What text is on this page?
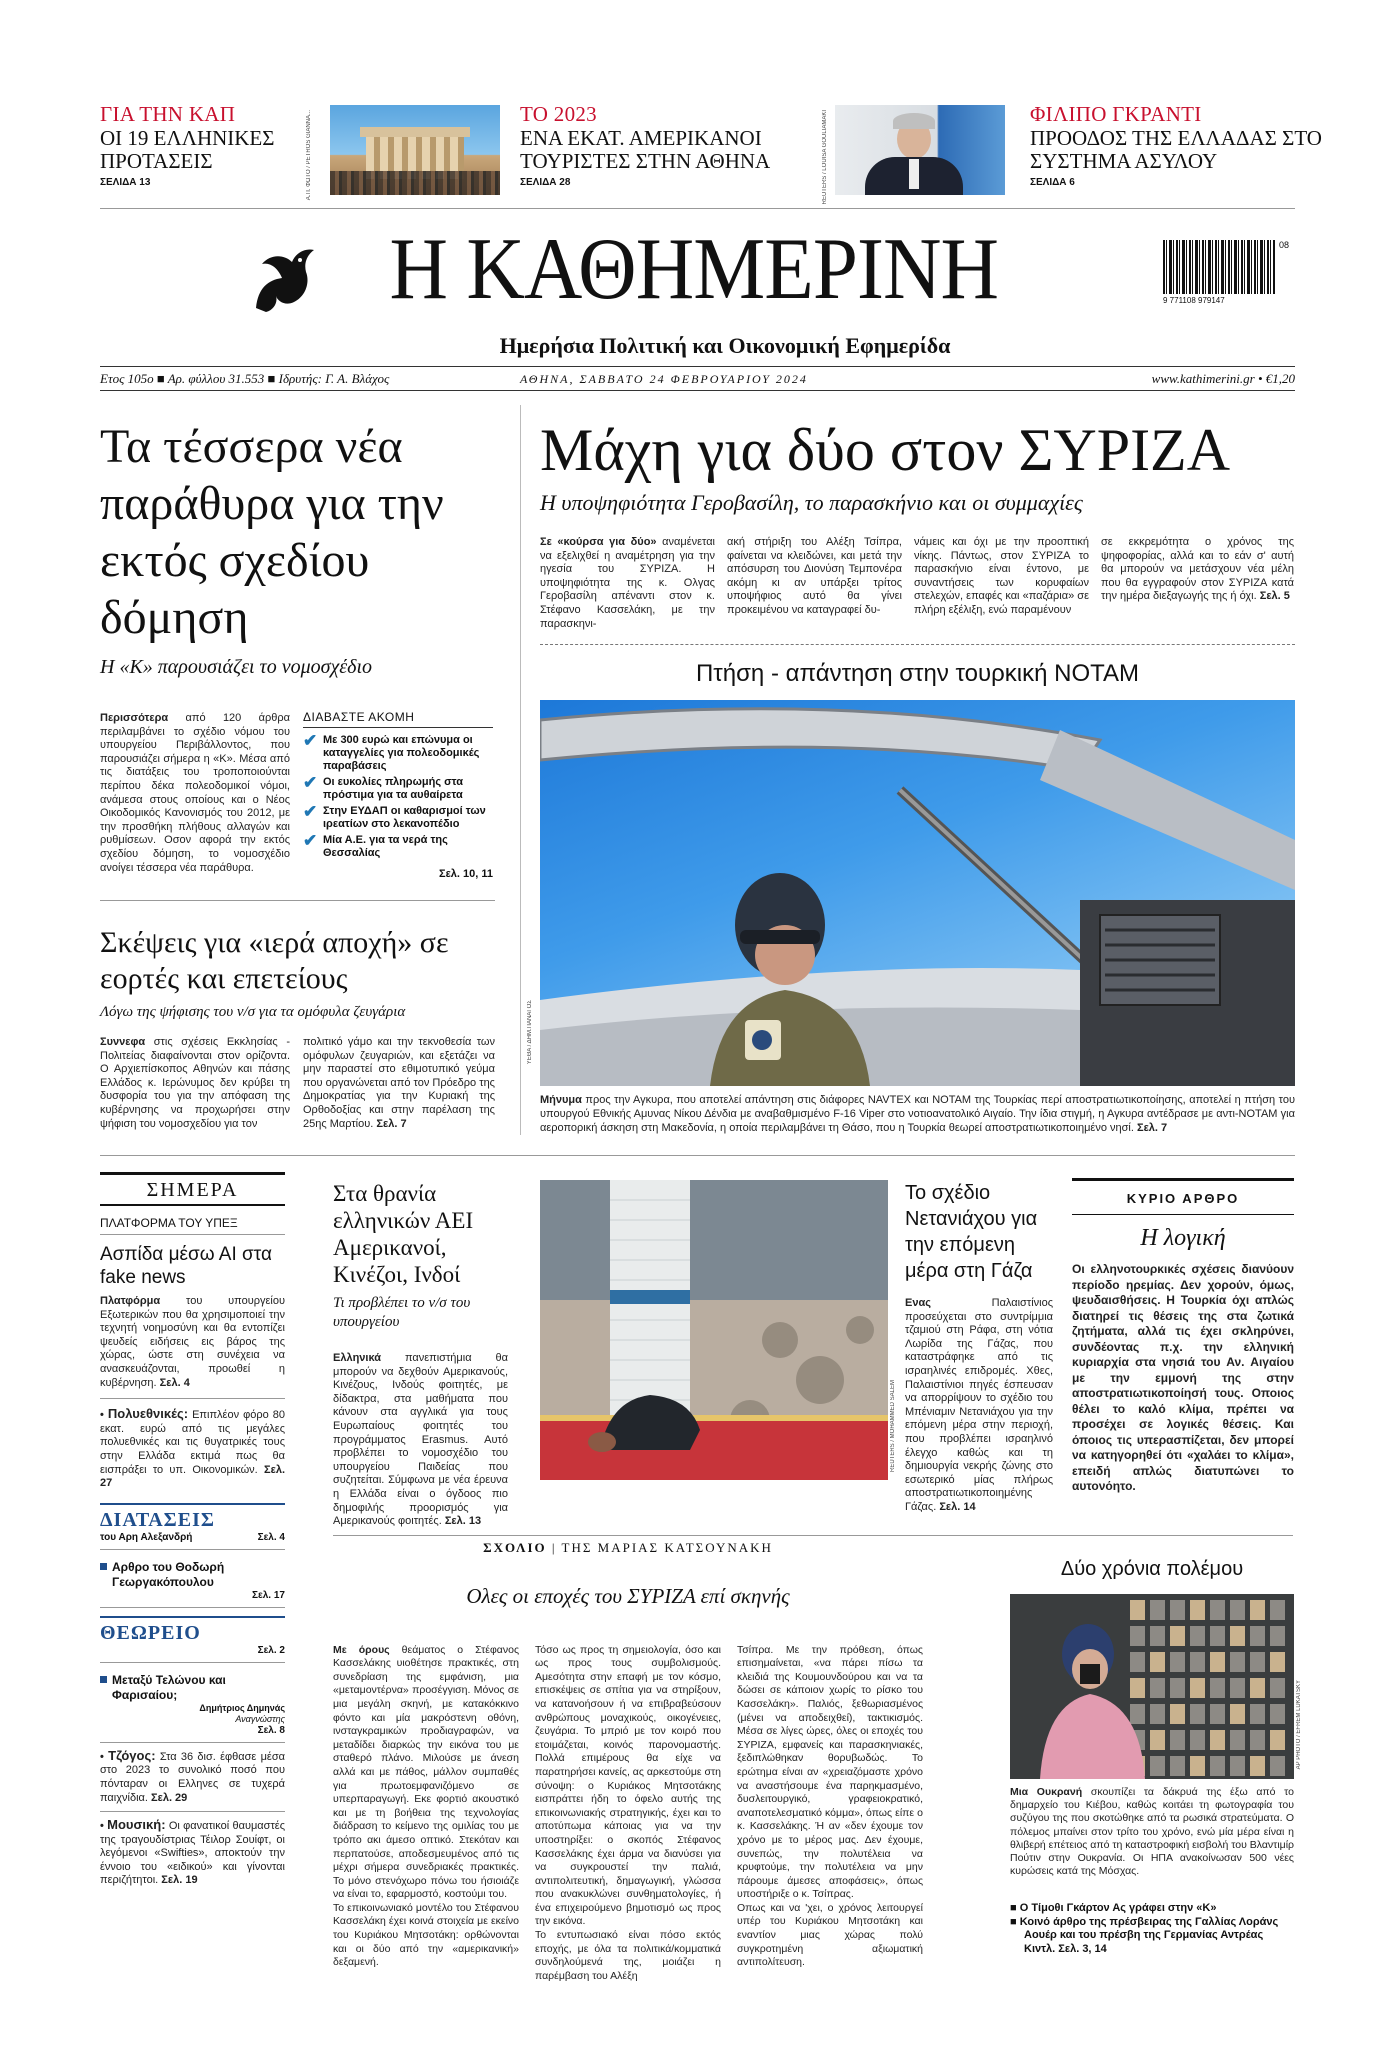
ΓΙΑ ΤΗΝ ΚΑΠ
ΟΙ 19 ΕΛΛΗΝΙΚΕΣ ΠΡΟΤΑΣΕΙΣ
ΣΕΛΙΔΑ 13	Α.Π. ΦΩΤΟ / PETROS GIANNA...	ΤΟ 2023
ΕΝΑ ΕΚΑΤ. ΑΜΕΡΙΚΑΝΟΙ ΤΟΥΡΙΣΤΕΣ ΣΤΗΝ ΑΘΗΝΑ
ΣΕΛΙΔΑ 28	REUTERS / LOUISA GOULIAMAKI	ΦΙΛΙΠΟ ΓΚΡΑΝΤΙ
ΠΡΟΟΔΟΣ ΤΗΣ ΕΛΛΑΔΑΣ ΣΤΟ ΣΥΣΤΗΜΑ ΑΣΥΛΟΥ
ΣΕΛΙΔΑ 6
Η ΚΑΘΗΜΕΡΙΝΗ	9 771108 979147
08
Ημερήσια Πολιτική και Οικονομική Εφημερίδα
Ετος 105ο ■ Αρ. φύλλου 31.553 ■ Ιδρυτής: Γ. Α. Βλάχος	ΑΘΗΝΑ, ΣΑΒΒΑΤΟ 24 ΦΕΒΡΟΥΑΡΙΟΥ 2024	www.kathimerini.gr • €1,20
Τα τέσσερα νέα παράθυρα για την εκτός σχεδίου δόμηση
Η «Κ» παρουσιάζει το νομοσχέδιο
Περισσότερα από 120 άρθρα περιλαμβάνει το σχέδιο νόμου του υπουργείου Περιβάλλοντος, που παρουσιάζει σήμερα η «Κ». Μέσα από τις διατάξεις του τροποποιούνται περίπου δέκα πολεοδομικοί νόμοι, ανάμεσα στους οποίους και ο Νέος Οικοδομικός Κανονισμός του 2012, με την προσθήκη πλήθους αλλαγών και ρυθμίσεων. Οσον αφορά την εκτός σχεδίου δόμηση, το νομοσχέδιο ανοίγει τέσσερα νέα παράθυρα.
ΔΙΑΒΑΣΤΕ ΑΚΟΜΗ
✔ Με 300 ευρώ και επώνυμα οι καταγγελίες για πολεοδομικές παραβάσεις
✔ Οι ευκολίες πληρωμής στα πρόστιμα για τα αυθαίρετα
✔ Στην ΕΥΔΑΠ οι καθαρισμοί των ιρεατίων στο λεκανοπέδιο
✔ Μία Α.Ε. για τα νερά της Θεσσαλίας
Σελ. 10, 11
Σκέψεις για «ιερά αποχή» σε εορτές και επετείους
Λόγω της ψήφισης του ν/σ για τα ομόφυλα ζευγάρια
Συννεφα στις σχέσεις Εκκλησίας - Πολιτείας διαφαίνονται στον ορίζοντα. Ο Αρχιεπίσκοπος Αθηνών και πάσης Ελλάδος κ. Ιερώνυμος δεν κρύβει τη δυσφορία του για την απόφαση της κυβέρνησης να προχωρήσει στην ψήφιση του νομοσχεδίου για τον
πολιτικό γάμο και την τεκνοθεσία των ομόφυλων ζευγαριών, και εξετάζει να μην παραστεί στο εθιμοτυπικό γεύμα που οργανώνεται από τον Πρόεδρο της Δημοκρατίας για την Κυριακή της Ορθοδοξίας και στην παρέλαση της 25ης Μαρτίου. Σελ. 7
Μάχη για δύο στον ΣΥΡΙΖΑ
Η υποψηφιότητα Γεροβασίλη, το παρασκήνιο και οι συμμαχίες
Σε «κούρσα για δύο» αναμένεται να εξελιχθεί η αναμέτρηση για την ηγεσία του ΣΥΡΙΖΑ. Η υποψηφιότητα της κ. Ολγας Γεροβασίλη απέναντι στον κ. Στέφανο Κασσελάκη, με την παρασκηνι-
ακή στήριξη του Αλέξη Τσίπρα, φαίνεται να κλειδώνει, και μετά την απόσυρση του Διονύση Τεμπονέρα ακόμη κι αν υπάρξει τρίτος υποψήφιος αυτό θα γίνει προκειμένου να καταγραφεί δυ-
νάμεις και όχι με την προοπτική νίκης. Πάντως, στον ΣΥΡΙΖΑ το παρασκήνιο είναι έντονο, με συναντήσεις των κορυφαίων στελεχών, επαφές και «παζάρια» σε πλήρη εξέλιξη, ενώ παραμένουν
σε εκκρεμότητα ο χρόνος της ψηφοφορίας, αλλά και το εάν σ' αυτή θα μπορούν να μετάσχουν νέα μέλη που θα εγγραφούν στον ΣΥΡΙΖΑ κατά την ημέρα διεξαγωγής της ή όχι. Σελ. 5
Πτήση - απάντηση στην τουρκική NOTAM
ΥΕΘΑ / ΔΗΜ.ΠΑΝΑΓΟΣ
Μήνυμα προς την Αγκυρα, που αποτελεί απάντηση στις διάφορες NAVTEX και NOTAM της Τουρκίας περί αποστρατιωτικοποίησης, αποτελεί η πτήση του υπουργού Εθνικής Αμυνας Νίκου Δένδια με αναβαθμισμένο F-16 Viper στο νοτιοανατολικό Αιγαίο. Την ίδια στιγμή, η Αγκυρα αντέδρασε με αντι-NOTAM για αεροπορική άσκηση στη Μακεδονία, η οποία περιλαμβάνει τη Θάσο, που η Τουρκία θεωρεί αποστρατιωτικοποιημένο νησί. Σελ. 7
ΣΗΜΕΡΑ
ΠΛΑΤΦΟΡΜΑ ΤΟΥ ΥΠΕΞ
Ασπίδα μέσω ΑΙ στα fake news
Πλατφόρμα του υπουργείου Εξωτερικών που θα χρησιμοποιεί την τεχνητή νοημοσύνη και θα εντοπίζει ψευδείς ειδήσεις εις βάρος της χώρας, ώστε στη συνέχεια να ανασκευάζονται, προωθεί η κυβέρνηση. Σελ. 4
• Πολυεθνικές: Επιπλέον φόρο 80 εκατ. ευρώ από τις μεγάλες πολυεθνικές και τις θυγατρικές τους στην Ελλάδα εκτιμά πως θα εισπράξει το υπ. Οικονομικών. Σελ. 27
ΔΙΑΤΑΣΕΙΣ
του Αρη Αλεξανδρή	Σελ. 4
Αρθρο του Θοδωρή Γεωργακόπουλου
Σελ. 17
ΘΕΩΡΕΙΟ
Σελ. 2
Μεταξύ Τελώνου και Φαρισαίου;
Δημήτριος Δημηνάς
Αναγνώστης
Σελ. 8
• Τζόγος: Στα 36 δισ. έφθασε μέσα στο 2023 το συνολικό ποσό που πόνταραν οι Ελληνες σε τυχερά παιχνίδια. Σελ. 29
• Μουσική: Οι φανατικοί θαυμαστές της τραγουδίστριας Τέιλορ Σουίφτ, οι λεγόμενοι «Swifties», αποκτούν την έννοιο του «ειδικού» και γίνονται περιζήτητοι. Σελ. 19
Στα θρανία ελληνικών ΑΕΙ Αμερικανοί, Κινέζοι, Ινδοί
Τι προβλέπει το ν/σ του υπουργείου
Ελληνικά πανεπιστήμια θα μπορούν να δεχθούν Αμερικανούς, Κινέζους, Ινδούς φοιτητές, με δίδακτρα, στα μαθήματα που κάνουν στα αγγλικά για τους Ευρωπαίους φοιτητές του προγράμματος Erasmus. Αυτό προβλέπει το νομοσχέδιο του υπουργείου Παιδείας που συζητείται. Σύμφωνα με νέα έρευνα η Ελλάδα είναι ο όγδοος πιο δημοφιλής προορισμός για Αμερικανούς φοιτητές. Σελ. 13
REUTERS / MOHAMMED SALEM
Το σχέδιο Νετανιάχου για την επόμενη μέρα στη Γάζα
Ενας Παλαιστίνιος προσεύχεται στο συντρίμμια τζαμιού στη Ράφα, στη νότια Λωρίδα της Γάζας, που καταστράφηκε από τις ισραηλινές επιδρομές. Χθες, Παλαιστίνιοι πηγές έσπευσαν να απορρίψουν το σχέδιο του Μπένιαμιν Νετανιάχου για την επόμενη μέρα στην περιοχή, που προβλέπει ισραηλινό έλεγχο καθώς και τη δημιουργία νεκρής ζώνης στο εσωτερικό μίας πλήρως αποστρατιωτικοποιημένης Γάζας. Σελ. 14
ΚΥΡΙΟ ΑΡΘΡΟ
Η λογική
Οι ελληνοτουρκικές σχέσεις διανύουν περίοδο ηρεμίας. Δεν χορούν, όμως, ψευδαισθήσεις. Η Τουρκία όχι απλώς διατηρεί τις θέσεις της στα ζωτικά ζητήματα, αλλά τις έχει σκληρύνει, συνδέοντας π.χ. την ελληνική κυριαρχία στα νησιά του Αν. Αιγαίου με την εμμονή της στην αποστρατιωτικοποίησή τους. Οποιος θέλει το καλό κλίμα, πρέπει να προσέχει σε λογικές θέσεις. Και όποιος τις υπερασπίζεται, δεν μπορεί να κατηγορηθεί ότι «χαλάει το κλίμα», επειδή απλώς διατυπώνει το αυτονόητο.
ΣΧΟΛΙΟ | ΤΗΣ ΜΑΡΙΑΣ ΚΑΤΣΟΥΝΑΚΗ
Ολες οι εποχές του ΣΥΡΙΖΑ επί σκηνής

Με όρους θεάματος ο Στέφανος Κασσελάκης υιοθέτησε πρακτικές, στη συνεδρίαση της εμφάνιση, μια «μεταμοντέρνα» προσέγγιση. Μόνος σε μια μεγάλη σκηνή, με κατακόκκινο φόντο και μία μακρόστενη οθόνη, ινσταγκραμικών προδιαγραφών, να μεταδίδει διαρκώς την εικόνα του με σταθερό πλάνο. Μιλούσε με άνεση αλλά και με πάθος, μάλλον συμπαθές για πρωτοεμφανιζόμενο σε υπερπαραγωγή. Εκε φορτιό ακουστικό και με τη βοήθεια της τεχνολογίας διάδραση το κείμενο της ομιλίας του με τρόπο ακι άμεσο οπτικό. Στεκόταν και περπατούσε, αποδεσμευμένος από τις μέχρι σήμερα συνεδριακές πρακτικές. Το μόνο στενόχωρο πόνω του ήσιοιάζε να είναι το, εφαρμοστό, κοστούμι του.
Το επικοινωνιακό μοντέλο του Στέφανου Κασσελάκη έχει κοινά στοιχεία με εκείνο του Κυριάκου Μητσοτάκη: ορθώνονται και οι δύο από την «αμερικανική» δεξαμενή.

Τόσο ως προς τη σημειολογία, όσο και ως προς τους συμβολισμούς. Αμεσότητα στην επαφή με τον κόσμο, επισκέψεις σε σπίτια για να στηρίξουν, να κατανοήσουν ή να επιβραβεύσουν ανθρώπους μοναχικούς, οικογένειες, ζευγάρια. Το μπριό με τον κοιρό που ετοιμάζεται, κοινός παρονομαστής. Πολλά επιμέρους θα είχε να παρατηρήσει κανείς, ας αρκεστούμε στη σύνοψη: ο Κυριάκος Μητσοτάκης εισπράττει ήδη το όφελο αυτής της επικοινωνιακής στρατηγικής, έχει και το αποτύπωμα κάποιας για να την υποστηρίξει: ο σκοπός Στέφανος Κασσελάκης έχει άρμα να διανύσει για να συγκρουστεί την παλιά, αντιπολιτευτική, δημαγωγική, γλώσσα που ανακυκλώνει συνθηματολογίες, ή ένα επιχειρούμενο βημοτισμό ως προς την εικόνα.
Το εντυπωσιακό είναι πόσο εκτός εποχής, με όλα τα πολιτικά/κομματικά συνδηλούμενά της, μοιάζει η παρέμβαση του Αλέξη

Τσίπρα. Με την πρόθεση, όπως επισημαίνεται, «να πάρει πίσω τα κλειδιά της Κουμουνδούρου και να τα δώσει σε κάποιον χωρίς το ρίσκο του Κασσελάκη». Παλιός, ξεθωριασμένος (μένει να αποδειχθεί), τακτικισμός. Μέσα σε λίγες ώρες, όλες οι εποχές του ΣΥΡΙΖΑ, εμφανείς και παρασκηνιακές, ξεδιπλώθηκαν θορυβωδώς. Το ερώτημα είναι αν «χρειαζόμαστε χρόνο να αναστήσουμε ένα παρηκμασμένο, δυσλειτουργικό, γραφειοκρατικό, αναποτελεσματικό κόμμα», όπως είπε ο κ. Κασσελάκης. Ή αν «δεν έχουμε τον χρόνο με το μέρος μας. Δεν έχουμε, συνεπώς, την πολυτέλεια να κρυφτούμε, την πολυτέλεια να μην πάρουμε άμεσες αποφάσεις», όπως υποστήριξε ο κ. Τσίπρας.
Οπως και να 'χει, ο χρόνος λειτουργεί υπέρ του Κυριάκου Μητσοτάκη και εναντίον μιας χώρας πολύ συγκροτημένη αξιωματική αντιπολίτευση.

Δύο χρόνια πολέμου
AP PHOTO / EFREM LUKATSKY
Μια Ουκρανή σκουπίζει τα δάκρυά της έξω από το δημαρχείο του Κιέβου, καθώς κοιτάει τη φωτογραφία του συζύγου της που σκοτώθηκε από τα ρωσικά στρατεύματα. Ο πόλεμος μπαίνει στον τρίτο του χρόνο, ενώ μία μέρα είναι η θλιβερή επέτειος από τη καταστροφική εισβολή του Βλαντιμίρ Πούτιν στην Ουκρανία. Οι ΗΠΑ ανακοίνωσαν 500 νέες κυρώσεις κατά της Μόσχας.
■ Ο Τίμοθι Γκάρτον Ας γράφει στην «Κ»
■ Κοινό άρθρο της πρέσβειρας της Γαλλίας Λοράνς Αουέρ και του πρέσβη της Γερμανίας Αντρέας Κιντλ. Σελ. 3, 14
